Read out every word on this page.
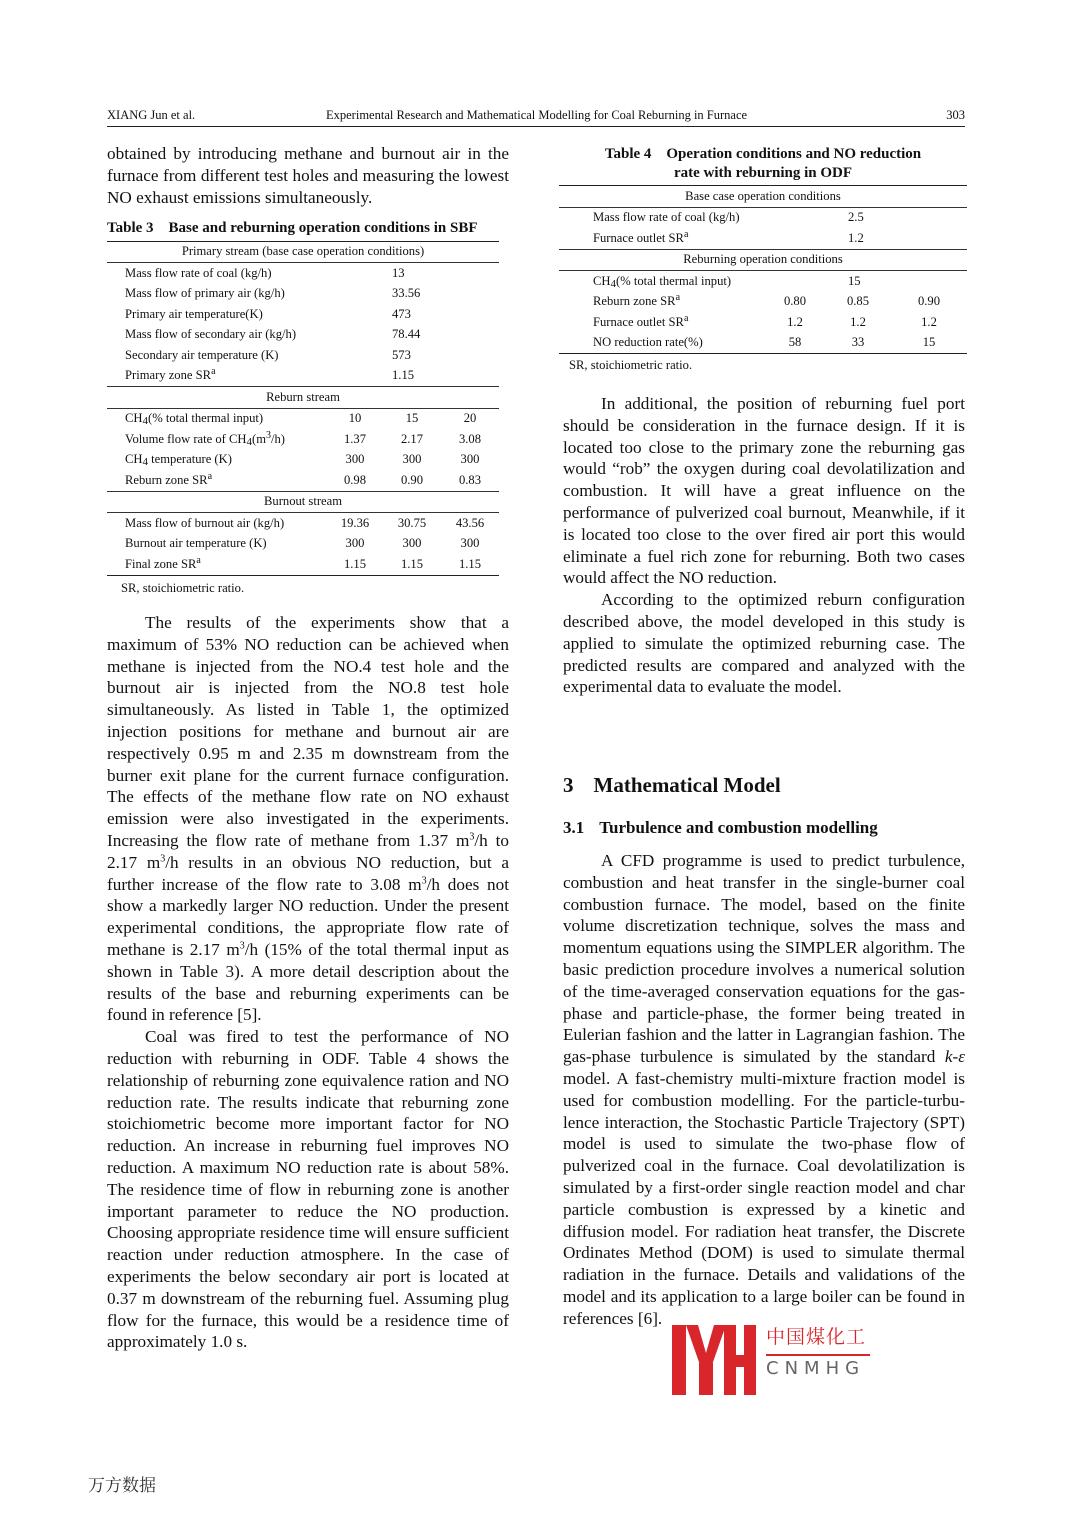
XIANG Jun et al.	Experimental Research and Mathematical Modelling for Coal Reburning in Furnace	303

obtained by introducing methane and burnout air in the furnace from different test holes and measuring the lowest NO exhaust emissions simultaneously.

Table 3    Base and reburning operation conditions in SBF
Primary stream (base case operation conditions)			
Mass flow rate of coal (kg/h)	13		
Mass flow of primary air (kg/h)	33.56		
Primary air temperature(K)	473		
Mass flow of secondary air (kg/h)	78.44		
Secondary air temperature (K)	573		
Primary zone $SR^a$	1.15		
Reburn stream			
$CH_4(\%$ total thermal input)	10	15	20
Volume flow rate of $CH_4(m^3/h)$	1.37	2.17	3.08
$CH_4$ temperature (K)	300	300	300
Reburn zone $SR^a$	0.98	0.90	0.83
Burnout stream			
Mass flow of burnout air (kg/h)	19.36	30.75	43.56
Burnout air temperature (K)	300	300	300
Final zone $SR^a$	1.15	1.15	1.15
SR, stoichiometric ratio.

The results of the experiments show that a maximum of 53% NO reduction can be achieved when methane is injected from the NO.4 test hole and the burnout air is injected from the NO.8 test hole simultaneously. As listed in Table 1, the optimized injection positions for methane and burnout air are respectively 0.95 m and 2.35 m downstream from the burner exit plane for the current furnace configuration. The effects of the methane flow rate on NO exhaust emission were also investigated in the experiments. Increasing the flow rate of methane from 1.37 $m^3/h$ to 2.17 $m^3/h$ results in an obvious NO reduction, but a further increase of the flow rate to 3.08 $m^3/h$ does not show a markedly larger NO reduction. Under the present experimental conditions, the appropriate flow rate of methane is 2.17 $m^3/h$ (15% of the total thermal input as shown in Table 3). A more detail description about the results of the base and reburning experiments can be found in reference [5].

Coal was fired to test the performance of NO reduction with reburning in ODF. Table 4 shows the relationship of reburning zone equivalence ration and NO reduction rate. The results indicate that reburning zone stoichiometric become more important factor for NO reduction. An increase in reburning fuel improves NO reduction. A maximum NO reduction rate is about 58%. The residence time of flow in reburning zone is another important parameter to reduce the NO production. Choosing appropriate residence time will ensure sufficient reaction under reduction atmosphere. In the case of experiments the below secondary air port is located at 0.37 m downstream of the reburning fuel. Assuming plug flow for the furnace, this would be a residence time of approximately 1.0 s.

Table 4    Operation conditions and NO reduction
rate with reburning in ODF
Base case operation conditions			
Mass flow rate of coal (kg/h)	2.5		
Furnace outlet $SR^a$	1.2		
Reburning operation conditions			
$CH_4(\%$ total thermal input)	15		
Reburn zone $SR^a$	0.80	0.85	0.90
Furnace outlet $SR^a$	1.2	1.2	1.2
NO reduction rate(%)	58	33	15
SR, stoichiometric ratio.

In additional, the position of reburning fuel port should be consideration in the furnace design. If it is located too close to the primary zone the reburning gas would “rob” the oxygen during coal devolatilization and combustion. It will have a great influence on the performance of pulverized coal burnout, Meanwhile, if it is located too close to the over fired air port this would eliminate a fuel rich zone for reburning. Both two cases would affect the NO reduction.

According to the optimized reburn configuration described above, the model developed in this study is applied to simulate the optimized reburning case. The predicted results are compared and analyzed with the experimental data to evaluate the model.

3 Mathematical Model
3.1 Turbulence and combustion modelling

A CFD programme is used to predict turbulence, combustion and heat transfer in the single-burner coal combustion furnace. The model, based on the finite volume discretization technique, solves the mass and momentum equations using the SIMPLER algorithm. The basic prediction procedure involves a numerical solution of the time-averaged conservation equations for the gas-phase and particle-phase, the former being treated in Eulerian fashion and the latter in Lagrangian fashion. The gas-phase turbulence is simulated by the standard k-ε model. A fast-chemistry multi-mixture fraction model is used for combustion modelling. For the particle-turbu-lence interaction, the Stochastic Particle Trajectory (SPT) model is used to simulate the two-phase flow of pulverized coal in the furnace. Coal devolatilization is simulated by a first-order single reaction model and char particle combustion is expressed by a kinetic and diffusion model. For radiation heat transfer, the Discrete Ordinates Method (DOM) is used to simulate thermal radiation in the furnace. Details and validations of the model and its application to a large boiler can be found in references [6].

中国煤化工
CNMHG
万方数据
